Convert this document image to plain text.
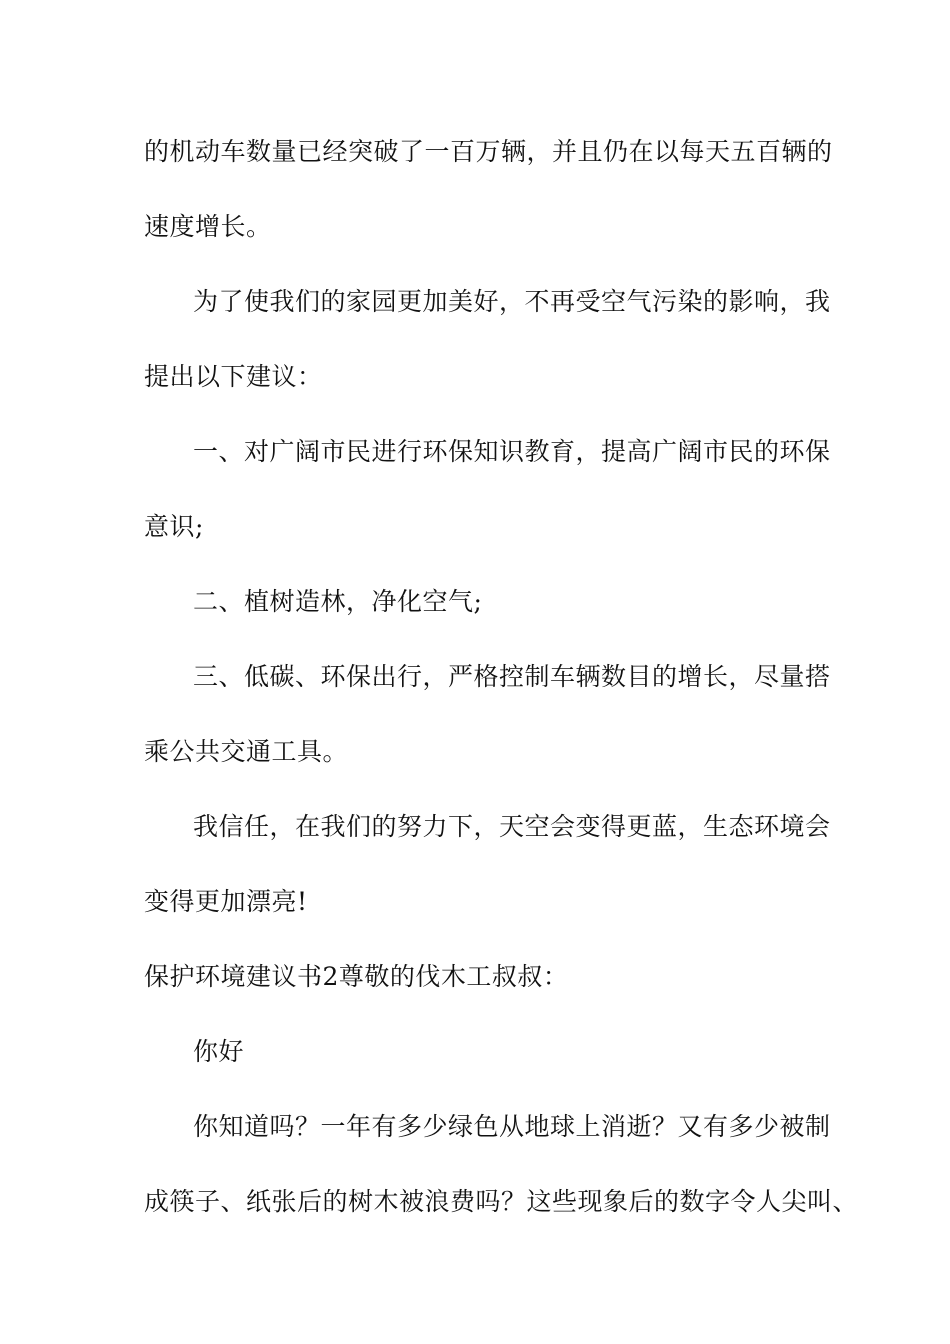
的机动车数量已经突破了一百万辆，并且仍在以每天五百辆的
速度增长。
为了使我们的家园更加美好，不再受空气污染的影响，我
提出以下建议：
一、对广阔市民进行环保知识教育，提高广阔市民的环保
意识;
二、植树造林，净化空气;
三、低碳、环保出行，严格控制车辆数目的增长，尽量搭
乘公共交通工具。
我信任，在我们的努力下，天空会变得更蓝，生态环境会
变得更加漂亮!
保护环境建议书2尊敬的伐木工叔叔：
你好
你知道吗？一年有多少绿色从地球上消逝？又有多少被制
成筷子、纸张后的树木被浪费吗？这些现象后的数字令人尖叫、
